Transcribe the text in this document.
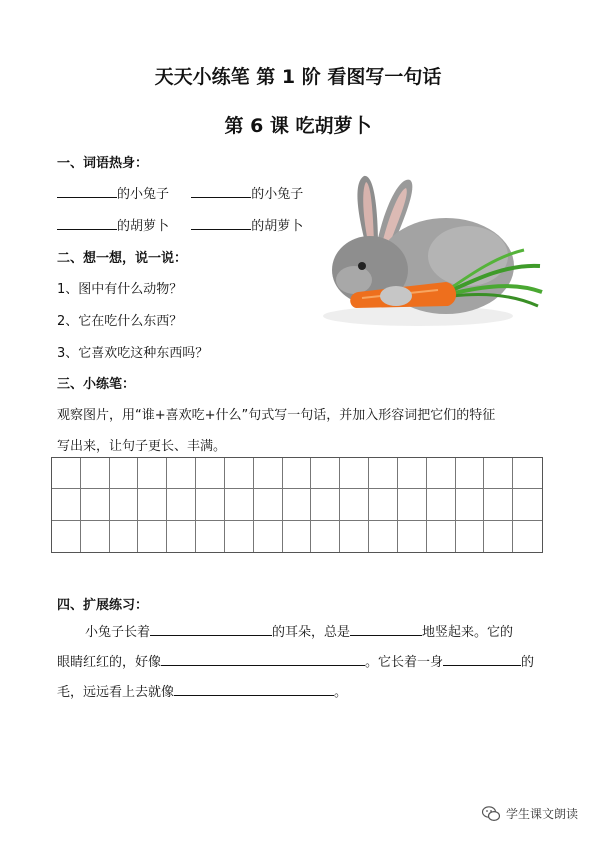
天天小练笔 第 1 阶 看图写一句话
第 6 课 吃胡萝卜
一、词语热身：
的小兔子	的小兔子
的胡萝卜	的胡萝卜
二、想一想，说一说：
1、图中有什么动物？
2、它在吃什么东西？
3、它喜欢吃这种东西吗？
三、小练笔：
观察图片，用“谁+喜欢吃+什么”句式写一句话，并加入形容词把它们的特征
写出来，让句子更长、丰满。
四、扩展练习：
小兔子长着	的耳朵，总是	地竖起来。它的
眼睛红红的，好像	。它长着一身	的
毛，远远看上去就像	。
学生课文朗读
